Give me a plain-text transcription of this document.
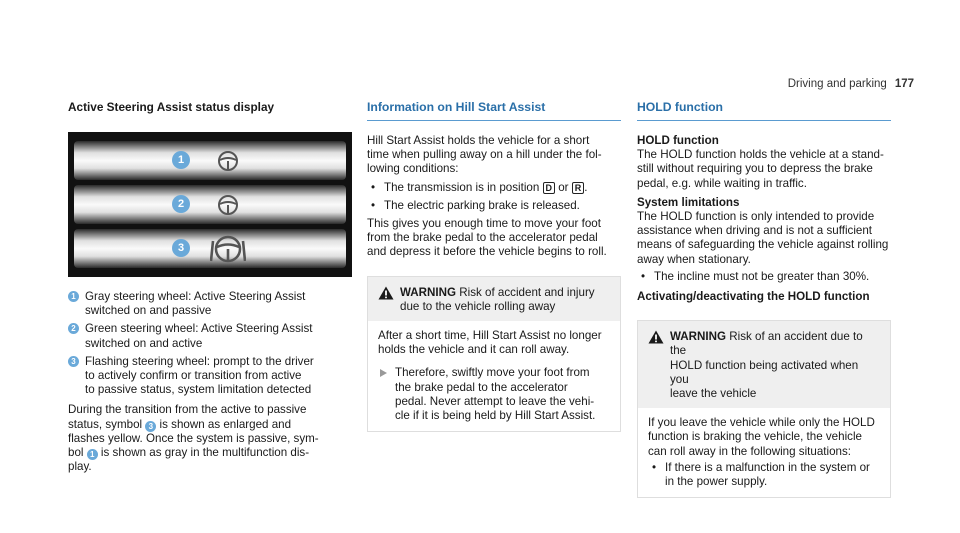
Driving and parking 177

Active Steering Assist status display

1
2
3
1 Gray steering wheel: Active Steering Assist
switched on and passive
2 Green steering wheel: Active Steering Assist
switched on and active
3 Flashing steering wheel: prompt to the driver
to actively confirm or transition from active
to passive status, system limitation detected
During the transition from the active to passive
status, symbol 3 is shown as enlarged and
flashes yellow. Once the system is passive, sym-
bol 1 is shown as gray in the multifunction dis-
play.

Information on Hill Start Assist

Hill Start Assist holds the vehicle for a short
time when pulling away on a hill under the fol-
lowing conditions:
• The transmission is in position D or R .
• The electric parking brake is released.
This gives you enough time to move your foot
from the brake pedal to the accelerator pedal
and depress it before the vehicle begins to roll.
WARNING Risk of accident and injury
due to the vehicle rolling away
After a short time, Hill Start Assist no longer
holds the vehicle and it can roll away.
Therefore, swiftly move your foot from
the brake pedal to the accelerator
pedal. Never attempt to leave the vehi-
cle if it is being held by Hill Start Assist.

HOLD function

HOLD function
The HOLD function holds the vehicle at a stand-
still without requiring you to depress the brake
pedal, e.g. while waiting in traffic.
System limitations
The HOLD function is only intended to provide
assistance when driving and is not a sufficient
means of safeguarding the vehicle against rolling
away when stationary.
• The incline must not be greater than 30%.
Activating/deactivating the HOLD function
WARNING Risk of an accident due to the
HOLD function being activated when you
leave the vehicle
If you leave the vehicle while only the HOLD
function is braking the vehicle, the vehicle
can roll away in the following situations:
• If there is a malfunction in the system or
in the power supply.
